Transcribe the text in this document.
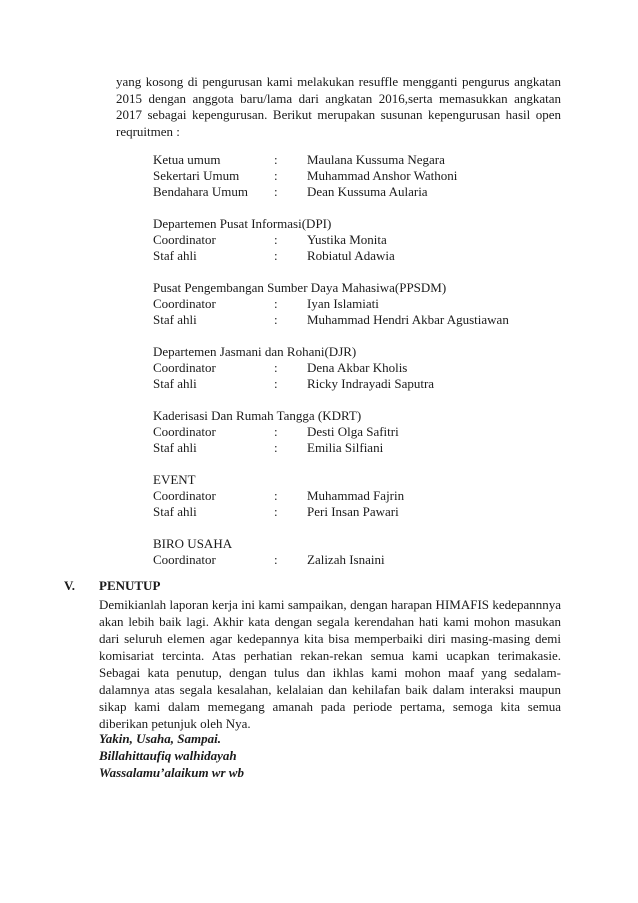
yang kosong di pengurusan kami melakukan resuffle mengganti pengurus angkatan 2015 dengan anggota baru/lama dari angkatan 2016,serta memasukkan angkatan 2017 sebagai kepengurusan. Berikut merupakan susunan kepengurusan hasil open reqruitmen :

Ketua umum	: Maulana Kussuma Negara
Sekertari Umum	: Muhammad Anshor Wathoni
Bendahara Umum : Dean Kussuma Aularia
Departemen Pusat Informasi(DPI)
Coordinator	: Yustika Monita
Staf ahli	: Robiatul Adawia
Pusat Pengembangan Sumber Daya Mahasiwa(PPSDM)
Coordinator	: Iyan Islamiati
Staf ahli	: Muhammad Hendri Akbar Agustiawan
Departemen Jasmani dan Rohani(DJR)
Coordinator	: Dena Akbar Kholis
Staf ahli	: Ricky Indrayadi Saputra
Kaderisasi Dan Rumah Tangga (KDRT)
Coordinator	: Desti Olga Safitri
Staf ahli	: Emilia Silfiani
EVENT
Coordinator	: Muhammad Fajrin
Staf ahli	: Peri Insan Pawari
BIRO USAHA
Coordinator	: Zalizah Isnaini
V. PENUTUP

Demikianlah laporan kerja ini kami sampaikan, dengan harapan HIMAFIS kedepannnya akan lebih baik lagi. Akhir kata dengan segala kerendahan hati kami mohon masukan dari seluruh elemen agar kedepannya kita bisa memperbaiki diri masing-masing demi komisariat tercinta. Atas perhatian rekan-rekan semua kami ucapkan terimakasie. Sebagai kata penutup, dengan tulus dan ikhlas kami mohon maaf yang sedalam-dalamnya atas segala kesalahan, kelalaian dan kehilafan baik dalam interaksi maupun sikap kami dalam memegang amanah pada periode pertama, semoga kita semua diberikan petunjuk oleh Nya.

Yakin, Usaha, Sampai.
Billahittaufiq walhidayah
Wassalamu’alaikum wr wb
